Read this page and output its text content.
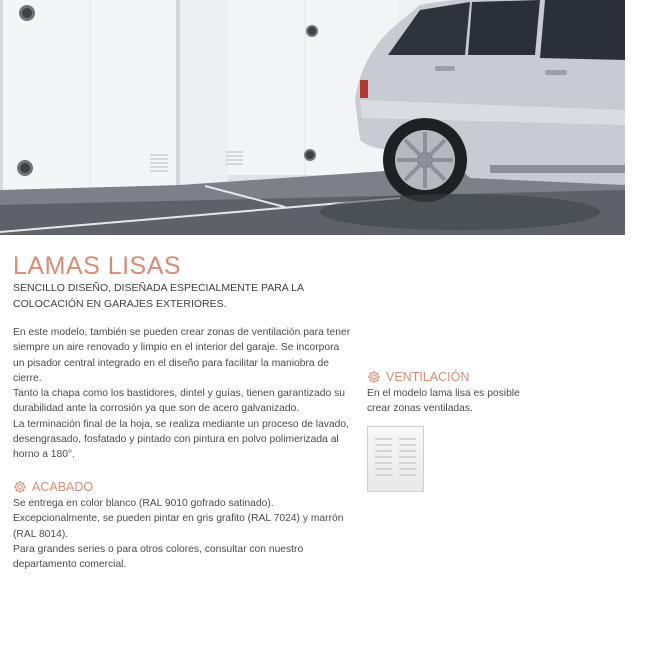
LAMAS LISAS
SENCILLO DISEÑO, DISEÑADA ESPECIALMENTE PARA LA COLOCACIÓN EN GARAJES EXTERIORES.

En este modelo, también se pueden crear zonas de ventilación para tener siempre un aire renovado y limpio en el interior del garaje. Se incorpora un pisador central integrado en el diseño para facilitar la maniobra de cierre.

Tanto la chapa como los bastidores, dintel y guías, tienen garantizado su durabilidad ante la corrosión ya que son de acero galvanizado.

La terminación final de la hoja, se realiza mediante un proceso de lavado, desengrasado, fosfatado y pintado con pintura en polvo polimerizada al horno a 180°.

ACABADO

Se entrega en color blanco (RAL 9010 gofrado satinado).

Excepcionalmente, se pueden pintar en gris grafito (RAL 7024) y marrón (RAL 8014).

Para grandes series o para otros colores, consultar con nuestro departamento comercial.

VENTILACIÓN
En el modelo lama lisa es posible crear zonas ventiladas.
